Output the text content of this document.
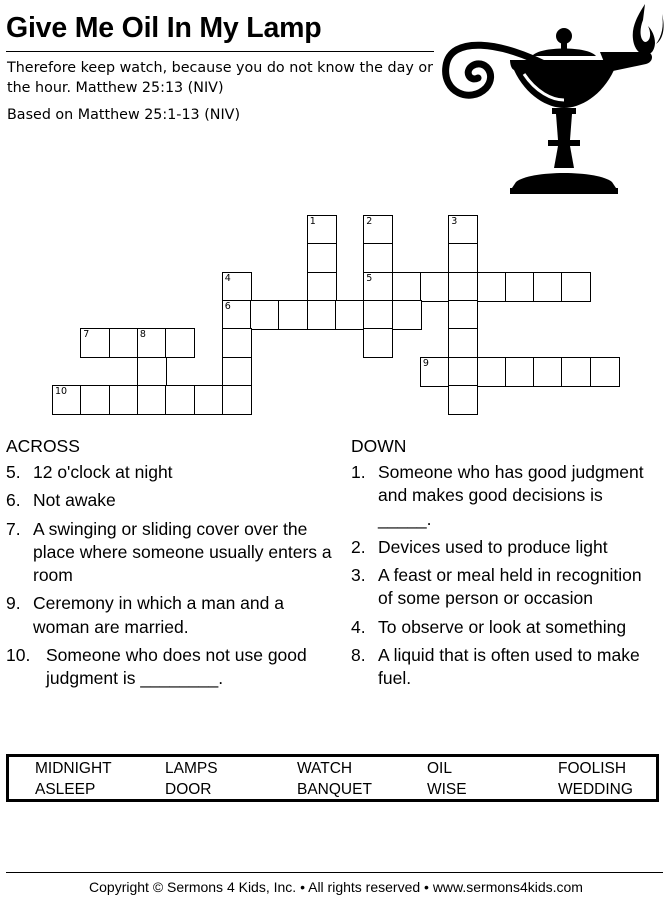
Give Me Oil In My Lamp
Therefore keep watch, because you do not know the day or the hour. Matthew 25:13 (NIV)
Based on Matthew 25:1-13 (NIV)
1	2	3
4	5
6
7	8
9
10
ACROSS
5. 12 o'clock at night
6. Not awake
7. A swinging or sliding cover over the place where someone usually enters a room
9. Ceremony in which a man and a woman are married.
10. Someone who does not use good judgment is ________.
DOWN
1. Someone who has good judgment and makes good decisions is _____.
2. Devices used to produce light
3. A feast or meal held in recognition of some person or occasion
4. To observe or look at something
8. A liquid that is often used to make fuel.
MIDNIGHT	LAMPS	WATCH	OIL	FOOLISH
ASLEEP	DOOR	BANQUET	WISE	WEDDING
Copyright © Sermons 4 Kids, Inc. • All rights reserved • www.sermons4kids.com
